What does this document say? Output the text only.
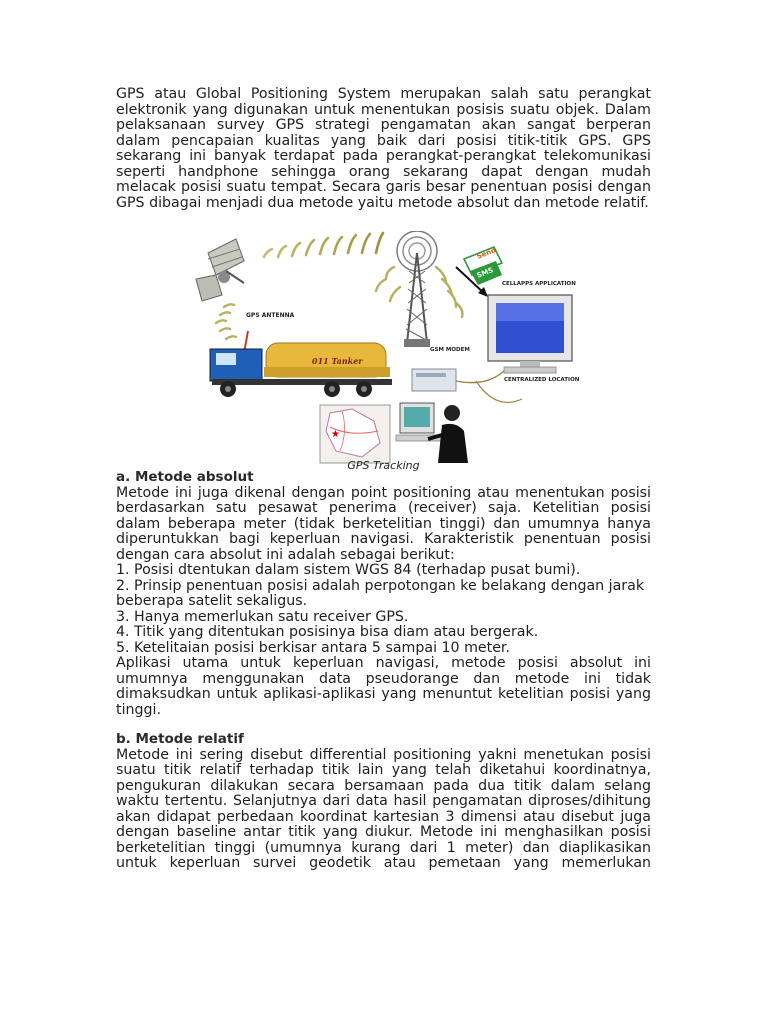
GPS atau Global Positioning System merupakan salah satu perangkat elektronik yang digunakan untuk menentukan posisis suatu objek. Dalam pelaksanaan survey GPS strategi pengamatan akan sangat berperan dalam pencapaian kualitas yang baik dari posisi titik-titik GPS. GPS sekarang ini banyak terdapat pada perangkat-perangkat telekomunikasi seperti handphone sehingga orang sekarang dapat dengan mudah melacak posisi suatu tempat. Secara garis besar penentuan posisi dengan GPS dibagai menjadi dua metode yaitu metode absolut dan metode relatif.

GPS ANTENNA
011 Tanker
GSM MODEM
Send
SMS
CELLAPPS APPLICATION
CENTRALIZED LOCATION
★
GPS Tracking
a. Metode absolut

Metode ini juga dikenal dengan point positioning atau menentukan posisi berdasarkan satu pesawat penerima (receiver) saja. Ketelitian posisi dalam beberapa meter (tidak berketelitian tinggi) dan umumnya hanya diperuntukkan bagi keperluan navigasi. Karakteristik penentuan posisi dengan cara absolut ini adalah sebagai berikut:

1. Posisi dtentukan dalam sistem WGS 84 (terhadap pusat bumi).

2. Prinsip penentuan posisi adalah perpotongan ke belakang dengan jarak beberapa satelit sekaligus.

3. Hanya memerlukan satu receiver GPS.

4. Titik yang ditentukan posisinya bisa diam atau bergerak.

5. Ketelitaian posisi berkisar antara 5 sampai 10 meter.

Aplikasi utama untuk keperluan navigasi, metode posisi absolut ini umumnya menggunakan data pseudorange dan metode ini tidak dimaksudkan untuk aplikasi-aplikasi yang menuntut ketelitian posisi yang tinggi.

b. Metode relatif

Metode ini sering disebut differential positioning yakni menetukan posisi suatu titik relatif terhadap titik lain yang telah diketahui koordinatnya, pengukuran dilakukan secara bersamaan pada dua titik dalam selang waktu tertentu. Selanjutnya dari data hasil pengamatan diproses/dihitung akan didapat perbedaan koordinat kartesian 3 dimensi atau disebut juga dengan baseline antar titik yang diukur. Metode ini menghasilkan posisi berketelitian tinggi (umumnya kurang dari 1 meter) dan diaplikasikan untuk keperluan survei geodetik atau pemetaan yang memerlukan
